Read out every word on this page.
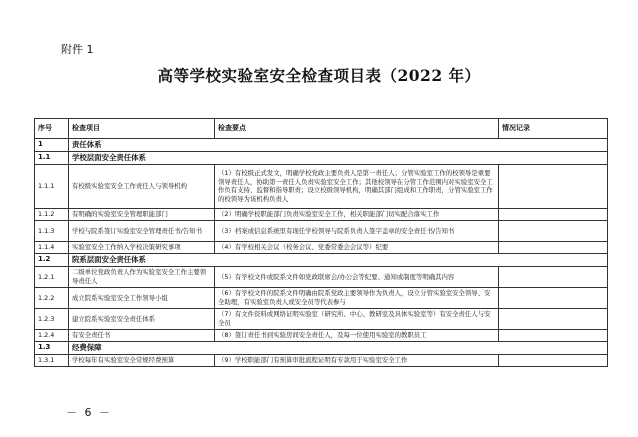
附件 1
高等学校实验室安全检查项目表（2022 年）
序号	检查项目	检查要点	情况记录
1	责任体系		
1.1	学校层面安全责任体系		
1.1.1	有校级实验室安全工作责任人与领导机构	（1）有校级正式发文，明确学校党政主要负责人是第一责任人；分管实验室工作的校领导是重要领导责任人，协助第一责任人负责实验室安全工作；其他校领导在分管工作范围内对实验室安全工作负有支持、监督和指导职责；设立校级领导机构，明确其部门组成和工作职责，分管实验室工作的校领导为该机构负责人	
1.1.2	有明确的实验室安全管理职能部门	（2）明确学校职能部门负责实验室安全工作，相关职能部门切实配合落实工作	
1.1.3	学校与院系签订实验室安全管理责任书/告知书	（3）档案或信息系统里有现任学校领导与院系负责人签字盖章的安全责任书/告知书	
1.1.4	实验室安全工作纳入学校决策研究事项	（4）有学校相关会议（校务会议、党委常委会会议等）纪要	
1.2	院系层面安全责任体系		
1.2.1	二级单位党政负责人作为实验室安全工作主要领导责任人	（5）有学校文件或院系文件如党政联席会/办公会等纪要、通知或制度等明确其内容	
1.2.2	成立院系实验室安全工作领导小组	（6）有学校文件的院系文件明确由院系党政主要领导作为负责人，设立分管实验室安全领导、安全助理，有实验室负责人或安全员等代表参与	
1.2.3	建立院系实验室安全责任体系	（7）有文件资料或网络证明实验室（研究所、中心、教研室及具体实验室等）有安全责任人与安全员	
1.2.4	有安全责任书	（8）签订责任书到实验房间安全责任人，及每一位使用实验室的教职员工	
1.3	经费保障		
1.3.1	学校每年有实验室安全常规经费预算	（9）学校职能部门有预算审批流程证明有专款用于实验室安全工作	
－ 6 －
